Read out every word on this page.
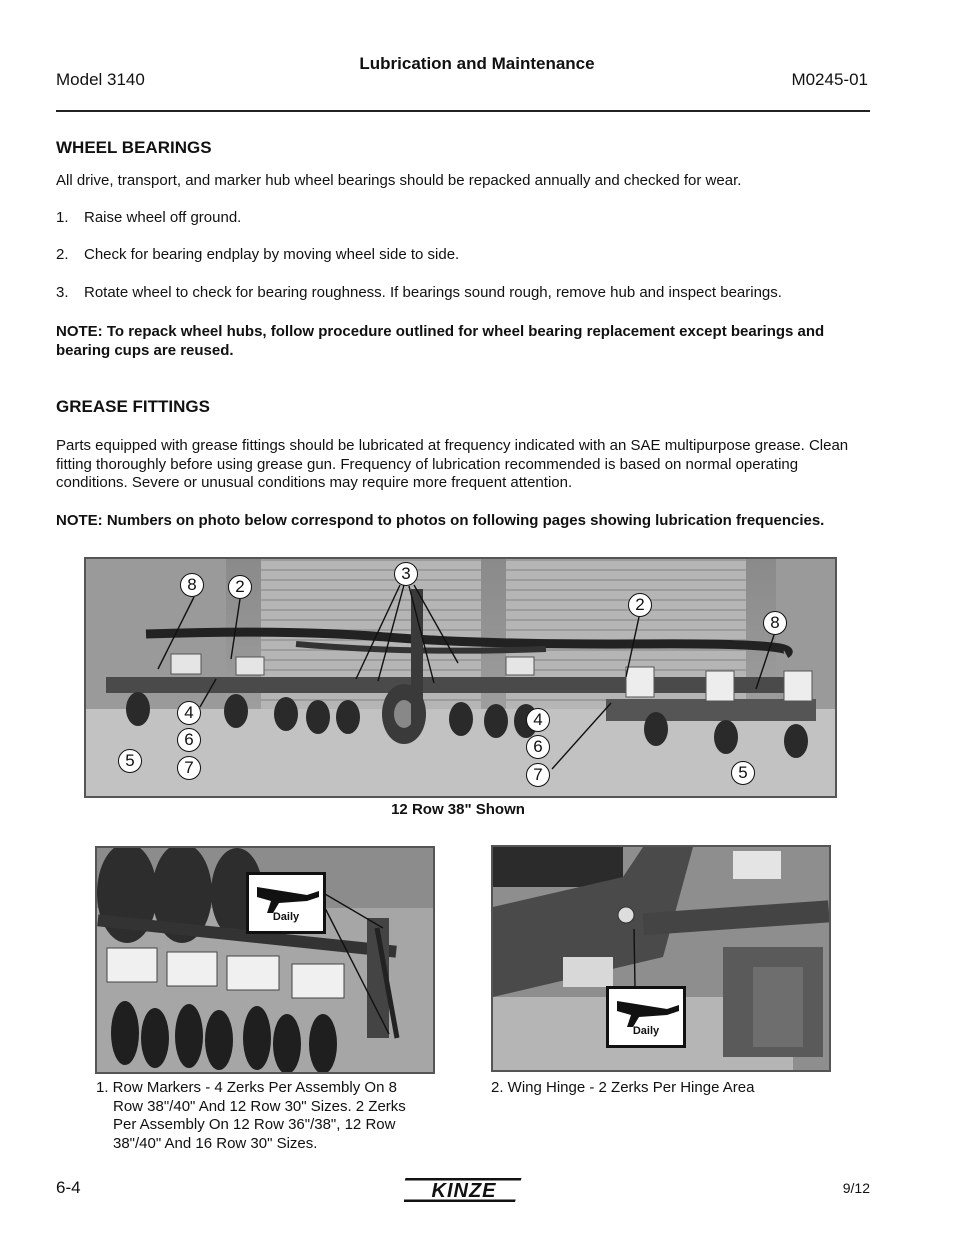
Lubrication and Maintenance
Model 3140	M0245-01
WHEEL BEARINGS
All drive, transport, and marker hub wheel bearings should be repacked annually and checked for wear.
1. Raise wheel off ground.
2. Check for bearing endplay by moving wheel side to side.
3. Rotate wheel to check for bearing roughness. If bearings sound rough, remove hub and inspect bearings.
NOTE: To repack wheel hubs, follow procedure outlined for wheel bearing replacement except bearings and bearing cups are reused.
GREASE FITTINGS
Parts equipped with grease fittings should be lubricated at frequency indicated with an SAE multipurpose grease. Clean fitting thoroughly before using grease gun. Frequency of lubrication recommended is based on normal operating conditions. Severe or unusual conditions may require more frequent attention.
NOTE: Numbers on photo below correspond to photos on following pages showing lubrication frequencies.
8	2
3
2
8
4
6
7
5
4
6
7	5
12 Row 38" Shown
Daily
1. Row Markers - 4 Zerks Per Assembly On 8
Row 38"/40" And 12 Row 30" Sizes. 2 Zerks
Per Assembly On 12 Row 36"/38", 12 Row
38"/40" And 16 Row 30" Sizes.
Daily
2. Wing Hinge - 2 Zerks Per Hinge Area
6-4	KINZE	9/12
